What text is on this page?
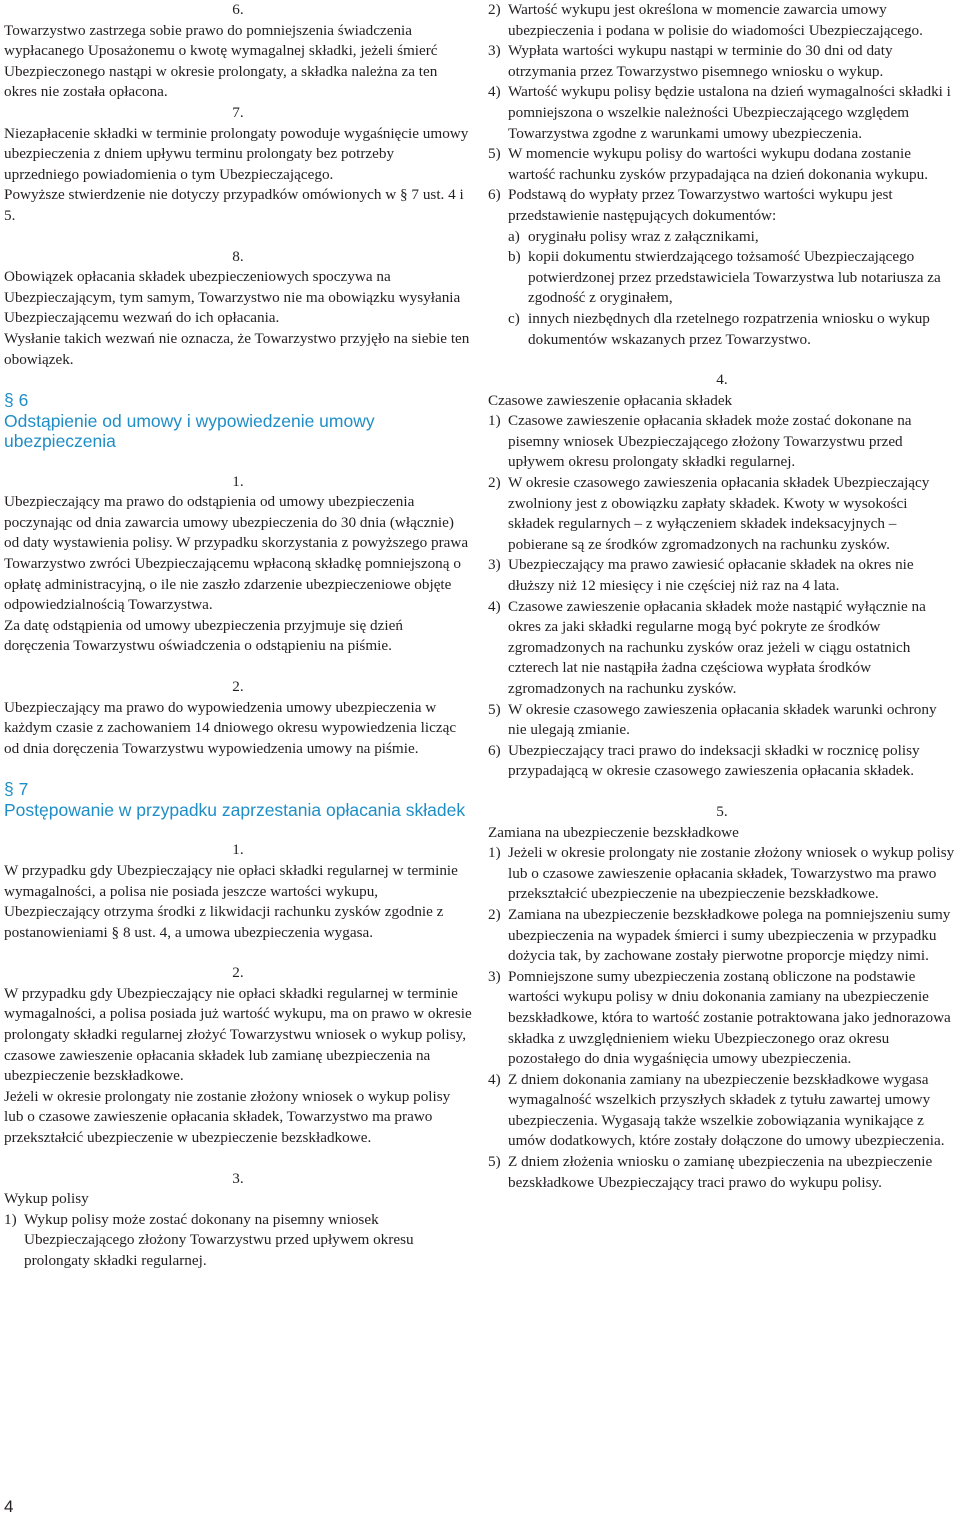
6.

Towarzystwo zastrzega sobie prawo do pomniejszenia świadczenia wypłacanego Uposażonemu o kwotę wymagalnej składki, jeżeli śmierć Ubezpieczonego nastąpi w okresie prolongaty, a składka należna za ten okres nie została opłacona.

7.

Niezapłacenie składki w terminie prolongaty powoduje wygaśnięcie umowy ubezpieczenia z dniem upływu terminu prolongaty bez potrzeby uprzedniego powiadomienia o tym Ubezpieczającego.

Powyższe stwierdzenie nie dotyczy przypadków omówionych w § 7 ust. 4 i 5.

8.

Obowiązek opłacania składek ubezpieczeniowych spoczywa na Ubezpieczającym, tym samym, Towarzystwo nie ma obowiązku wysyłania Ubezpieczającemu wezwań do ich opłacania.

Wysłanie takich wezwań nie oznacza, że Towarzystwo przyjęło na siebie ten obowiązek.

§ 6
Odstąpienie od umowy i wypowiedzenie umowy ubezpieczenia

1.

Ubezpieczający ma prawo do odstąpienia od umowy ubezpieczenia poczynając od dnia zawarcia umowy ubezpieczenia do 30 dnia (włącznie) od daty wystawienia polisy. W przypadku skorzystania z powyższego prawa Towarzystwo zwróci Ubezpieczającemu wpłaconą składkę pomniejszoną o opłatę administracyjną, o ile nie zaszło zdarzenie ubezpieczeniowe objęte odpowiedzialnością Towarzystwa.

Za datę odstąpienia od umowy ubezpieczenia przyjmuje się dzień doręczenia Towarzystwu oświadczenia o odstąpieniu na piśmie.

2.

Ubezpieczający ma prawo do wypowiedzenia umowy ubezpieczenia w każdym czasie z zachowaniem 14 dniowego okresu wypowiedzenia licząc od dnia doręczenia Towarzystwu wypowiedzenia umowy na piśmie.

§ 7
Postępowanie w przypadku zaprzestania opłacania składek

1.

W przypadku gdy Ubezpieczający nie opłaci składki regularnej w terminie wymagalności, a polisa nie posiada jeszcze wartości wykupu, Ubezpieczający otrzyma środki z likwidacji rachunku zysków zgodnie z postanowieniami § 8 ust. 4, a umowa ubezpieczenia wygasa.

2.

W przypadku gdy Ubezpieczający nie opłaci składki regularnej w terminie wymagalności, a polisa posiada już wartość wykupu, ma on prawo w okresie prolongaty składki regularnej złożyć Towarzystwu wniosek o wykup polisy, czasowe zawieszenie opłacania składek lub zamianę ubezpieczenia na ubezpieczenie bezskładkowe.

Jeżeli w okresie prolongaty nie zostanie złożony wniosek o wykup polisy lub o czasowe zawieszenie opłacania składek, Towarzystwo ma prawo przekształcić ubezpieczenie w ubezpieczenie bezskładkowe.

3.

Wykup polisy

1) Wykup polisy może zostać dokonany na pisemny wniosek Ubezpieczającego złożony Towarzystwu przed upływem okresu prolongaty składki regularnej.
2) Wartość wykupu jest określona w momencie zawarcia umowy ubezpieczenia i podana w polisie do wiadomości Ubezpieczającego.
3) Wypłata wartości wykupu nastąpi w terminie do 30 dni od daty otrzymania przez Towarzystwo pisemnego wniosku o wykup.
4) Wartość wykupu polisy będzie ustalona na dzień wymagalności składki i pomniejszona o wszelkie należności Ubezpieczającego względem Towarzystwa zgodne z warunkami umowy ubezpieczenia.
5) W momencie wykupu polisy do wartości wykupu dodana zostanie wartość rachunku zysków przypadająca na dzień dokonania wykupu.
6) Podstawą do wypłaty przez Towarzystwo wartości wykupu jest przedstawienie następujących dokumentów:
a) oryginału polisy wraz z załącznikami,
b) kopii dokumentu stwierdzającego tożsamość Ubezpieczającego potwierdzonej przez przedstawiciela Towarzystwa lub notariusza za zgodność z oryginałem,
c) innych niezbędnych dla rzetelnego rozpatrzenia wniosku o wykup dokumentów wskazanych przez Towarzystwo.

4.

Czasowe zawieszenie opłacania składek

1) Czasowe zawieszenie opłacania składek może zostać dokonane na pisemny wniosek Ubezpieczającego złożony Towarzystwu przed upływem okresu prolongaty składki regularnej.
2) W okresie czasowego zawieszenia opłacania składek Ubezpieczający zwolniony jest z obowiązku zapłaty składek. Kwoty w wysokości składek regularnych – z wyłączeniem składek indeksacyjnych – pobierane są ze środków zgromadzonych na rachunku zysków.
3) Ubezpieczający ma prawo zawiesić opłacanie składek na okres nie dłuższy niż 12 miesięcy i nie częściej niż raz na 4 lata.
4) Czasowe zawieszenie opłacania składek może nastąpić wyłącznie na okres za jaki składki regularne mogą być pokryte ze środków zgromadzonych na rachunku zysków oraz jeżeli w ciągu ostatnich czterech lat nie nastąpiła żadna częściowa wypłata środków zgromadzonych na rachunku zysków.
5) W okresie czasowego zawieszenia opłacania składek warunki ochrony nie ulegają zmianie.
6) Ubezpieczający traci prawo do indeksacji składki w rocznicę polisy przypadającą w okresie czasowego zawieszenia opłacania składek.

5.

Zamiana na ubezpieczenie bezskładkowe

1) Jeżeli w okresie prolongaty nie zostanie złożony wniosek o wykup polisy lub o czasowe zawieszenie opłacania składek, Towarzystwo ma prawo przekształcić ubezpieczenie na ubezpieczenie bezskładkowe.
2) Zamiana na ubezpieczenie bezskładkowe polega na pomniejszeniu sumy ubezpieczenia na wypadek śmierci i sumy ubezpieczenia w przypadku dożycia tak, by zachowane zostały pierwotne proporcje między nimi.
3) Pomniejszone sumy ubezpieczenia zostaną obliczone na podstawie wartości wykupu polisy w dniu dokonania zamiany na ubezpieczenie bezskładkowe, która to wartość zostanie potraktowana jako jednorazowa składka z uwzględnieniem wieku Ubezpieczonego oraz okresu pozostałego do dnia wygaśnięcia umowy ubezpieczenia.
4) Z dniem dokonania zamiany na ubezpieczenie bezskładkowe wygasa wymagalność wszelkich przyszłych składek z tytułu zawartej umowy ubezpieczenia. Wygasają także wszelkie zobowiązania wynikające z umów dodatkowych, które zostały dołączone do umowy ubezpieczenia.
5) Z dniem złożenia wniosku o zamianę ubezpieczenia na ubezpieczenie bezskładkowe Ubezpieczający traci prawo do wykupu polisy.
4
